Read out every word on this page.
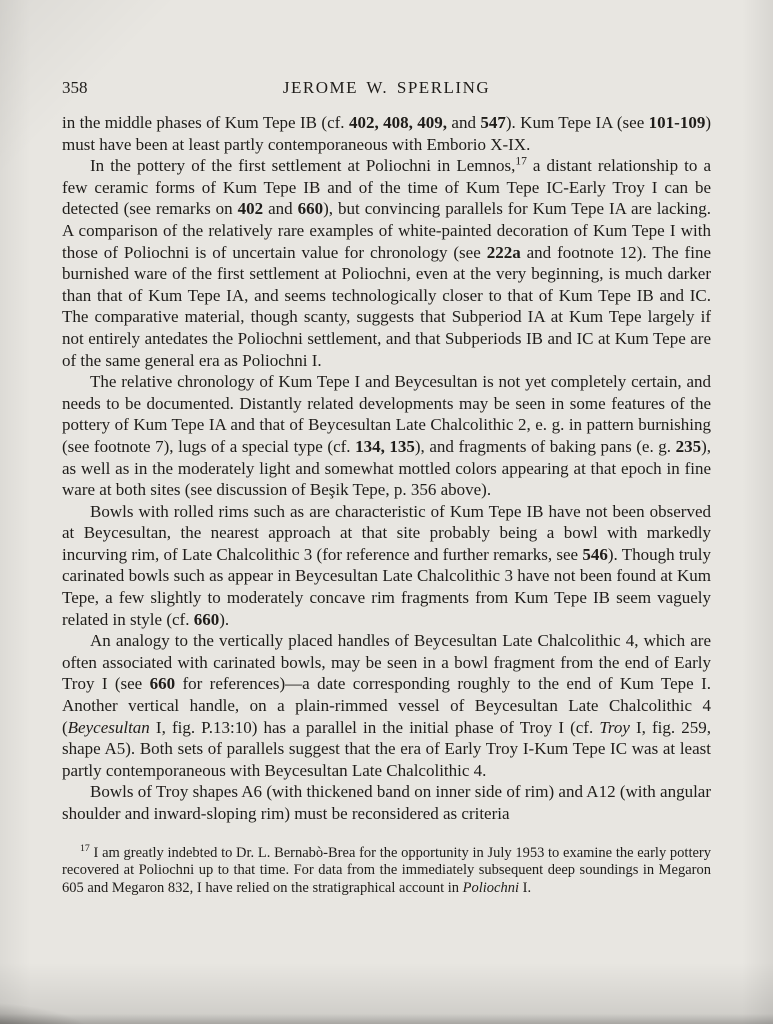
358	JEROME W. SPERLING

in the middle phases of Kum Tepe IB (cf. 402, 408, 409, and 547). Kum Tepe IA (see 101-109) must have been at least partly contemporaneous with Emborio X-IX.

In the pottery of the first settlement at Poliochni in Lemnos,$^{17}$ a distant relationship to a few ceramic forms of Kum Tepe IB and of the time of Kum Tepe IC-Early Troy I can be detected (see remarks on 402 and 660), but convincing parallels for Kum Tepe IA are lacking. A comparison of the relatively rare examples of white-painted decoration of Kum Tepe I with those of Poliochni is of uncertain value for chronology (see 222a and footnote 12). The fine burnished ware of the first settlement at Poliochni, even at the very beginning, is much darker than that of Kum Tepe IA, and seems technologically closer to that of Kum Tepe IB and IC. The comparative material, though scanty, suggests that Subperiod IA at Kum Tepe largely if not entirely antedates the Poliochni settlement, and that Subperiods IB and IC at Kum Tepe are of the same general era as Poliochni I.

The relative chronology of Kum Tepe I and Beycesultan is not yet completely certain, and needs to be documented. Distantly related developments may be seen in some features of the pottery of Kum Tepe IA and that of Beycesultan Late Chalcolithic 2, e. g. in pattern burnishing (see footnote 7), lugs of a special type (cf. 134, 135), and fragments of baking pans (e. g. 235), as well as in the moderately light and somewhat mottled colors appearing at that epoch in fine ware at both sites (see discussion of Beşik Tepe, p. 356 above).

Bowls with rolled rims such as are characteristic of Kum Tepe IB have not been observed at Beycesultan, the nearest approach at that site probably being a bowl with markedly incurving rim, of Late Chalcolithic 3 (for reference and further remarks, see 546). Though truly carinated bowls such as appear in Beycesultan Late Chalcolithic 3 have not been found at Kum Tepe, a few slightly to moderately concave rim fragments from Kum Tepe IB seem vaguely related in style (cf. 660).

An analogy to the vertically placed handles of Beycesultan Late Chalcolithic 4, which are often associated with carinated bowls, may be seen in a bowl fragment from the end of Early Troy I (see 660 for references)—a date corresponding roughly to the end of Kum Tepe I. Another vertical handle, on a plain-rimmed vessel of Beycesultan Late Chalcolithic 4 (Beycesultan I, fig. P.13:10) has a parallel in the initial phase of Troy I (cf. Troy I, fig. 259, shape A5). Both sets of parallels suggest that the era of Early Troy I-Kum Tepe IC was at least partly contemporaneous with Beycesultan Late Chalcolithic 4.

Bowls of Troy shapes A6 (with thickened band on inner side of rim) and A12 (with angular shoulder and inward-sloping rim) must be reconsidered as criteria

$^{17}$ I am greatly indebted to Dr. L. Bernabò-Brea for the opportunity in July 1953 to examine the early pottery recovered at Poliochni up to that time. For data from the immediately subsequent deep soundings in Megaron 605 and Megaron 832, I have relied on the stratigraphical account in Poliochni I.
